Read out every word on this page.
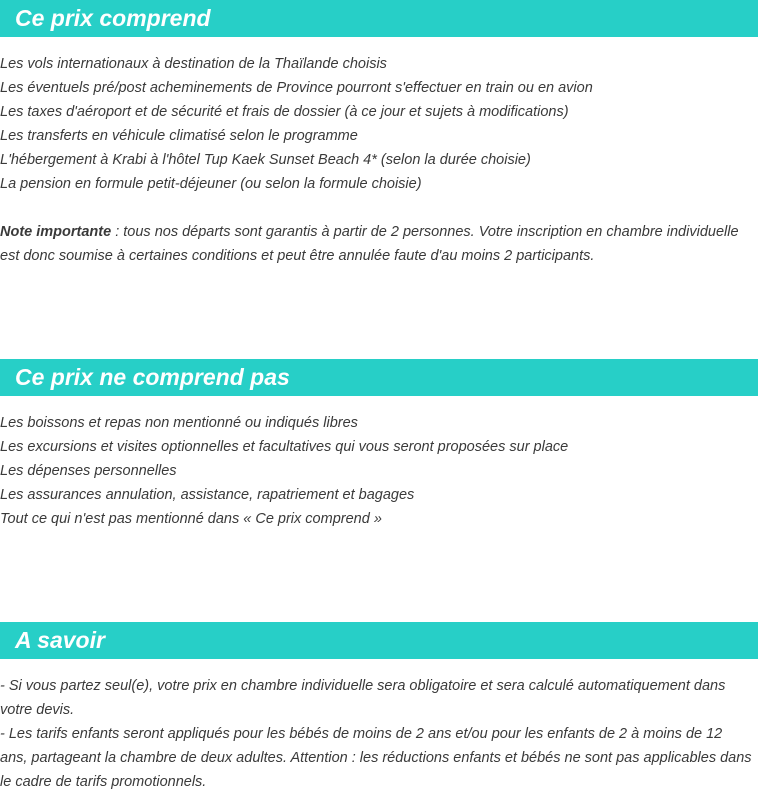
Ce prix comprend

Les vols internationaux à destination de la Thaïlande choisis

Les éventuels pré/post acheminements de Province pourront s'effectuer en train ou en avion

Les taxes d'aéroport et de sécurité et frais de dossier (à ce jour et sujets à modifications)

Les transferts en véhicule climatisé selon le programme

L'hébergement à Krabi à l'hôtel Tup Kaek Sunset Beach 4* (selon la durée choisie)

La pension en formule petit-déjeuner (ou selon la formule choisie)

Note importante : tous nos départs sont garantis à partir de 2 personnes. Votre inscription en chambre individuelle est donc soumise à certaines conditions et peut être annulée faute d'au moins 2 participants.

Ce prix ne comprend pas

Les boissons et repas non mentionné ou indiqués libres

Les excursions et visites optionnelles et facultatives qui vous seront proposées sur place

Les dépenses personnelles

Les assurances annulation, assistance, rapatriement et bagages

Tout ce qui n'est pas mentionné dans « Ce prix comprend »

A savoir

- Si vous partez seul(e), votre prix en chambre individuelle sera obligatoire et sera calculé automatiquement dans votre devis.

- Les tarifs enfants seront appliqués pour les bébés de moins de 2 ans et/ou pour les enfants de 2 à moins de 12 ans, partageant la chambre de deux adultes. Attention : les réductions enfants et bébés ne sont pas applicables dans le cadre de tarifs promotionnels.
